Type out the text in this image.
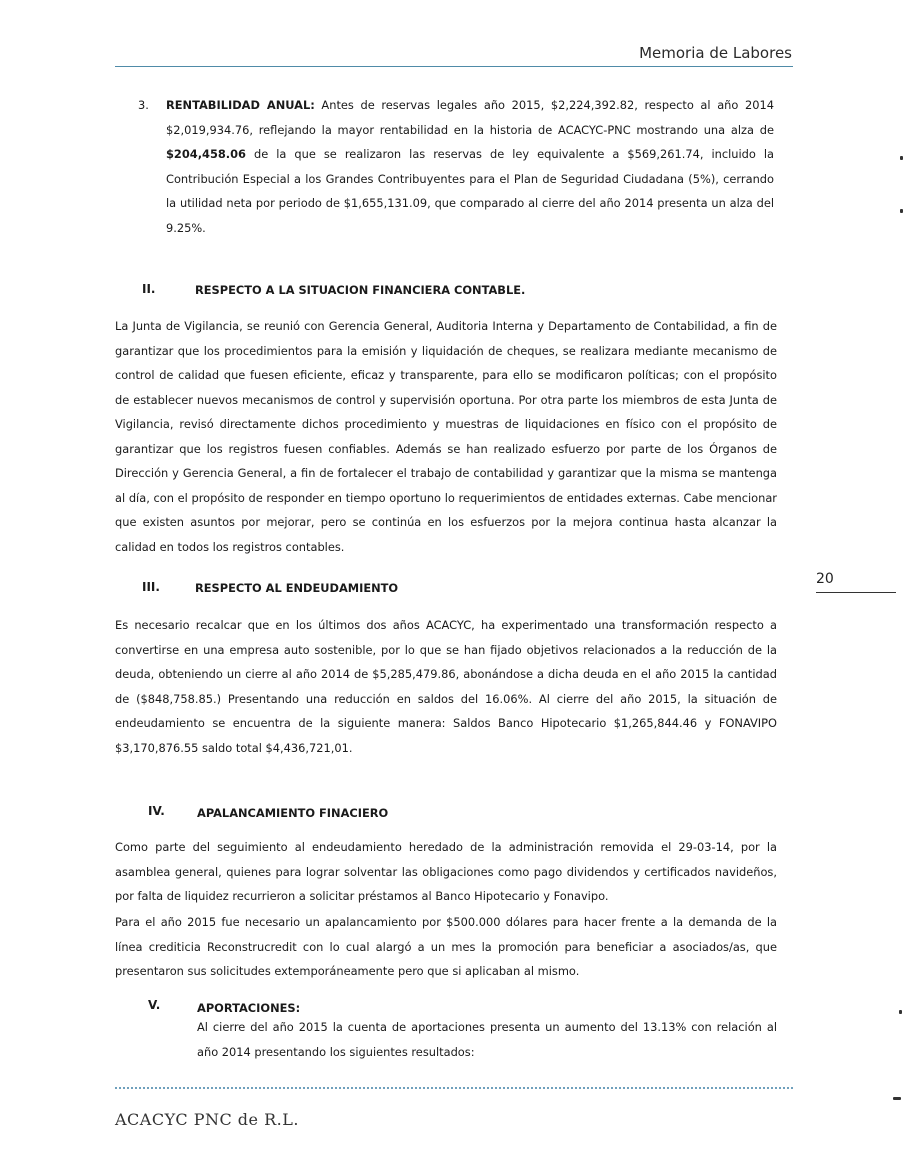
Memoria de Labores
3. RENTABILIDAD ANUAL: Antes de reservas legales año 2015, $2,224,392.82, respecto al año 2014 $2,019,934.76, reflejando la mayor rentabilidad en la historia de ACACYC-PNC mostrando una alza de $204,458.06 de la que se realizaron las reservas de ley equivalente a $569,261.74, incluido la Contribución Especial a los Grandes Contribuyentes para el Plan de Seguridad Ciudadana (5%), cerrando la utilidad neta por periodo de $1,655,131.09, que comparado al cierre del año 2014 presenta un alza del 9.25%.

II.	RESPECTO A LA SITUACION FINANCIERA CONTABLE.

La Junta de Vigilancia, se reunió con Gerencia General, Auditoria Interna y Departamento de Contabilidad, a fin de garantizar que los procedimientos para la emisión y liquidación de cheques, se realizara mediante mecanismo de control de calidad que fuesen eficiente, eficaz y transparente, para ello se modificaron políticas; con el propósito de establecer nuevos mecanismos de control y supervisión oportuna. Por otra parte los miembros de esta Junta de Vigilancia, revisó directamente dichos procedimiento y muestras de liquidaciones en físico con el propósito de garantizar que los registros fuesen confiables. Además se han realizado esfuerzo por parte de los Órganos de Dirección y Gerencia General, a fin de fortalecer el trabajo de contabilidad y garantizar que la misma se mantenga al día, con el propósito de responder en tiempo oportuno lo requerimientos de entidades externas. Cabe mencionar que existen asuntos por mejorar, pero se continúa en los esfuerzos por la mejora continua hasta alcanzar la calidad en todos los registros contables.

III.	RESPECTO AL ENDEUDAMIENTO

Es necesario recalcar que en los últimos dos años ACACYC, ha experimentado una transformación respecto a convertirse en una empresa auto sostenible, por lo que se han fijado objetivos relacionados a la reducción de la deuda, obteniendo un cierre al año 2014 de $5,285,479.86, abonándose a dicha deuda en el año 2015 la cantidad de ($848,758.85.) Presentando una reducción en saldos del 16.06%. Al cierre del año 2015, la situación de endeudamiento se encuentra de la siguiente manera: Saldos Banco Hipotecario $1,265,844.46 y FONAVIPO $3,170,876.55 saldo total $4,436,721,01.

IV.	APALANCAMIENTO FINACIERO

Como parte del seguimiento al endeudamiento heredado de la administración removida el 29-03-14, por la asamblea general, quienes para lograr solventar las obligaciones como pago dividendos y certificados navideños, por falta de liquidez recurrieron a solicitar préstamos al Banco Hipotecario y Fonavipo.

Para el año 2015 fue necesario un apalancamiento por $500.000 dólares para hacer frente a la demanda de la línea crediticia Reconstrucredit con lo cual alargó a un mes la promoción para beneficiar a asociados/as, que presentaron sus solicitudes extemporáneamente pero que si aplicaban al mismo.

V.	APORTACIONES:

Al cierre del año 2015 la cuenta de aportaciones presenta un aumento del 13.13% con relación al año 2014 presentando los siguientes resultados:

20
ACACYC PNC de R.L.
